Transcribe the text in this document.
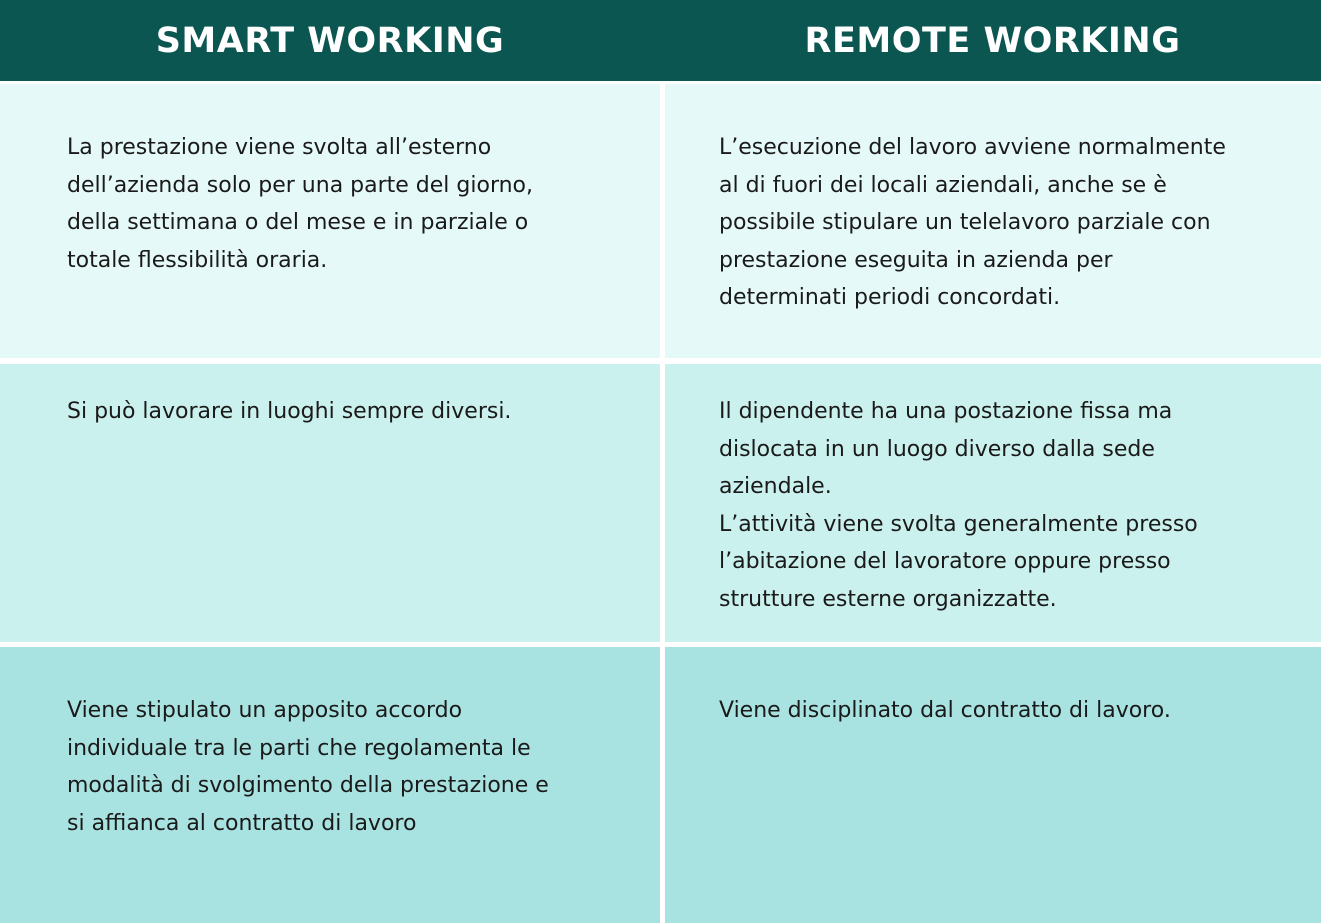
SMART WORKING	REMOTE WORKING

La prestazione viene svolta all’esterno
dell’azienda solo per una parte del giorno,
della settimana o del mese e in parziale o
totale flessibilità oraria.

L’esecuzione del lavoro avviene normalmente
al di fuori dei locali aziendali, anche se è
possibile stipulare un telelavoro parziale con
prestazione eseguita in azienda per
determinati periodi concordati.

Si può lavorare in luoghi sempre diversi.	Il dipendente ha una postazione fissa ma
dislocata in un luogo diverso dalla sede
aziendale.
L’attività viene svolta generalmente presso
l’abitazione del lavoratore oppure presso
strutture esterne organizzatte.

Viene stipulato un apposito accordo
individuale tra le parti che regolamenta le
modalità di svolgimento della prestazione e
si affianca al contratto di lavoro

Viene disciplinato dal contratto di lavoro.
